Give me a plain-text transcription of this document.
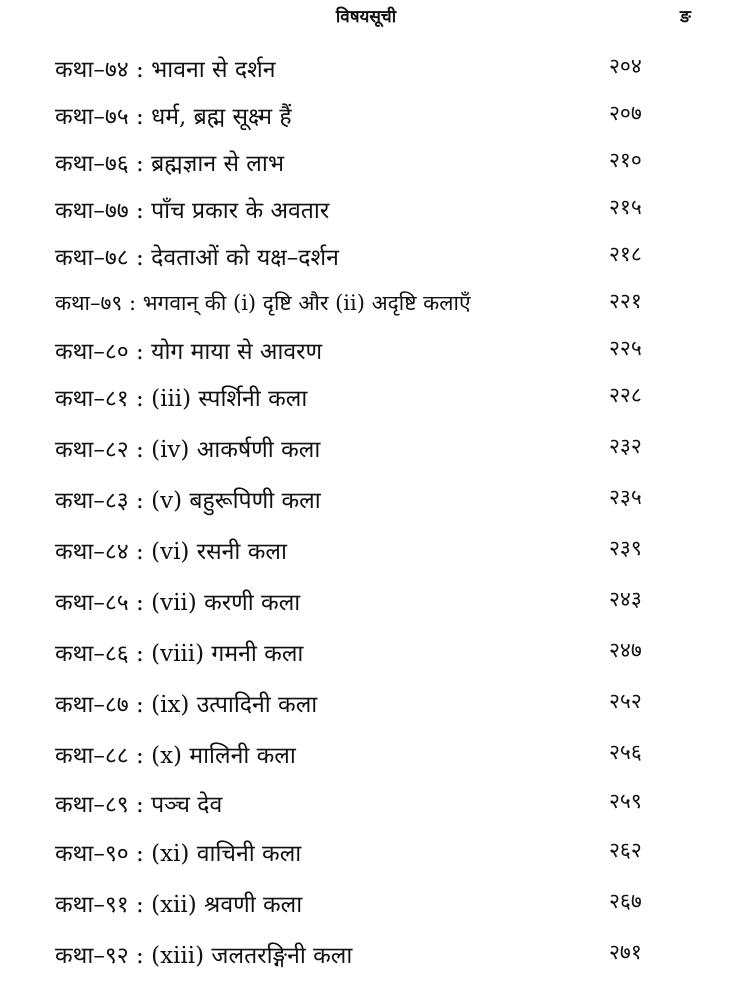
विषयसूची	ङ
कथा–७४ : भावना से दर्शन	२०४
कथा–७५ : धर्म, ब्रह्म सूक्ष्म हैं	२०७
कथा–७६ : ब्रह्मज्ञान से लाभ	२१०
कथा–७७ : पाँच प्रकार के अवतार	२१५
कथा–७८ : देवताओं को यक्ष–दर्शन	२१८
कथा–७९ : भगवान् की (i) दृष्टि और (ii) अदृष्टि कलाएँ	२२१
कथा–८० : योग माया से आवरण	२२५
कथा–८१ : (iii) स्पर्शिनी कला	२२८
कथा–८२ : (iv) आकर्षणी कला	२३२
कथा–८३ : (v) बहुरूपिणी कला	२३५
कथा–८४ : (vi) रसनी कला	२३९
कथा–८५ : (vii) करणी कला	२४३
कथा–८६ : (viii) गमनी कला	२४७
कथा–८७ : (ix) उत्पादिनी कला	२५२
कथा–८८ : (x) मालिनी कला	२५६
कथा–८९ : पञ्च देव	२५९
कथा–९० : (xi) वाचिनी कला	२६२
कथा–९१ : (xii) श्रवणी कला	२६७
कथा–९२ : (xiii) जलतरङ्गिनी कला	२७१
